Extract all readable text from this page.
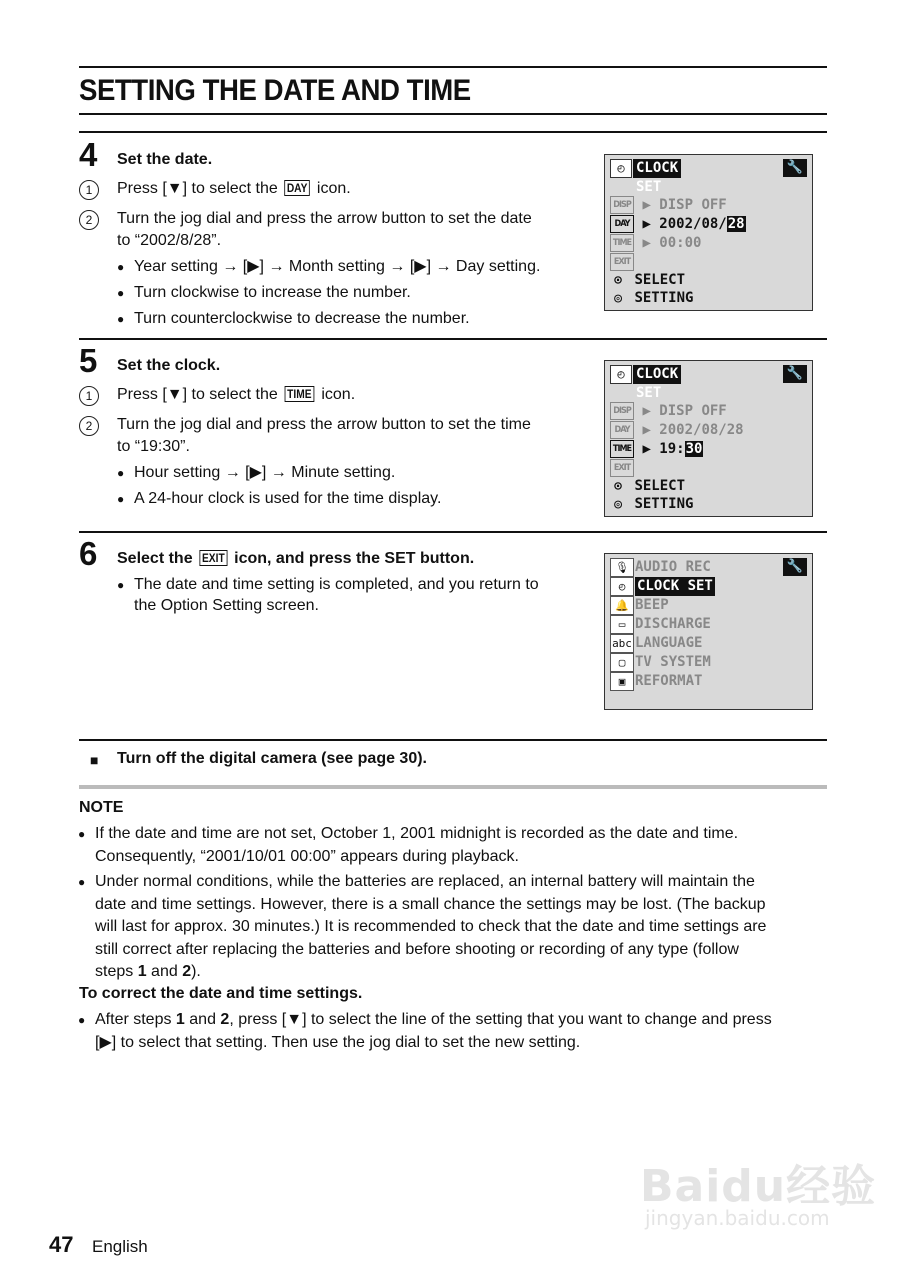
SETTING THE DATE AND TIME
4 Set the date.
1	Press [▼] to select the DAY icon.
2	Turn the jog dial and press the arrow button to set the date
to “2002/8/28”.
● Year setting → [▶] → Month setting → [▶] → Day setting.
● Turn clockwise to increase the number.
● Turn counterclockwise to decrease the number.
◴ CLOCK SET
🔧
DISP ▶ DISP OFF
DAY ▶ 2002/08/28
TIME ▶ 00:00
EXIT
⊙ SELECT
◎ SETTING
5 Set the clock.
1	Press [▼] to select the TIME icon.
2	Turn the jog dial and press the arrow button to set the time
to “19:30”.
● Hour setting → [▶] → Minute setting.
● A 24-hour clock is used for the time display.
◴ CLOCK SET
🔧
DISP ▶ DISP OFF
DAY ▶ 2002/08/28
TIME ▶ 19:30
EXIT
⊙ SELECT
◎ SETTING
6 Select the EXIT icon, and press the SET button.
● The date and time setting is completed, and you return to
the Option Setting screen.
🔧
🎙 AUDIO REC
◴ CLOCK SET
🔔 BEEP
▭ DISCHARGE
abc LANGUAGE
▢ TV SYSTEM
▣ REFORMAT
■ Turn off the digital camera (see page 30).
NOTE
● If the date and time are not set, October 1, 2001 midnight is recorded as the date and time.
Consequently, “2001/10/01 00:00” appears during playback.
● Under normal conditions, while the batteries are replaced, an internal battery will maintain the
date and time settings. However, there is a small chance the settings may be lost. (The backup
will last for approx. 30 minutes.) It is recommended to check that the date and time settings are
still correct after replacing the batteries and before shooting or recording of any type (follow
steps 1 and 2).
To correct the date and time settings.
● After steps 1 and 2, press [▼] to select the line of the setting that you want to change and press
[▶] to select that setting. Then use the jog dial to set the new setting.
Baidu经验
jingyan.baidu.com
47 English
